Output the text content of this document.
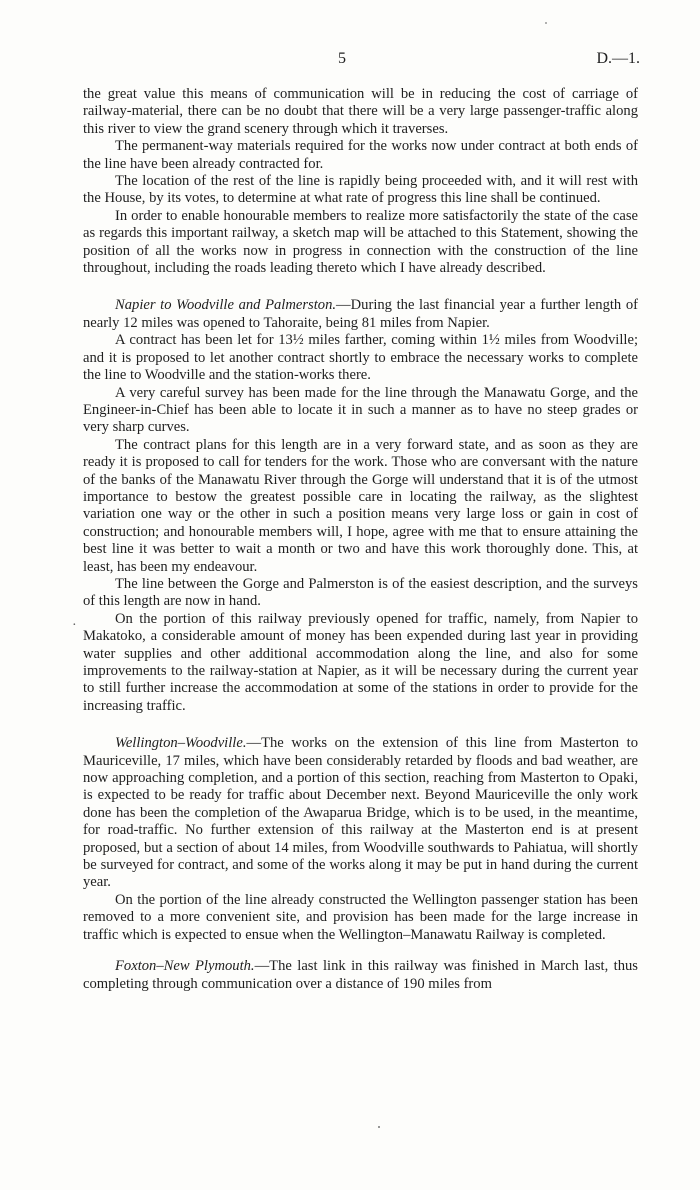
5	D.—1.
·

the great value this means of communication will be in reducing the cost of carriage of railway-material, there can be no doubt that there will be a very large passenger-traffic along this river to view the grand scenery through which it traverses.

The permanent-way materials required for the works now under contract at both ends of the line have been already contracted for.

The location of the rest of the line is rapidly being proceeded with, and it will rest with the House, by its votes, to determine at what rate of progress this line shall be continued.

In order to enable honourable members to realize more satisfactorily the state of the case as regards this important railway, a sketch map will be attached to this Statement, showing the position of all the works now in progress in connection with the construction of the line throughout, including the roads leading thereto which I have already described.

Napier to Woodville and Palmerston.—During the last financial year a further length of nearly 12 miles was opened to Tahoraite, being 81 miles from Napier.

A contract has been let for 13½ miles farther, coming within 1½ miles from Woodville; and it is proposed to let another contract shortly to embrace the necessary works to complete the line to Woodville and the station-works there.

A very careful survey has been made for the line through the Manawatu Gorge, and the Engineer-in-Chief has been able to locate it in such a manner as to have no steep grades or very sharp curves.

The contract plans for this length are in a very forward state, and as soon as they are ready it is proposed to call for tenders for the work. Those who are conversant with the nature of the banks of the Manawatu River through the Gorge will understand that it is of the utmost importance to bestow the greatest possible care in locating the railway, as the slightest variation one way or the other in such a position means very large loss or gain in cost of construction; and honourable members will, I hope, agree with me that to ensure attaining the best line it was better to wait a month or two and have this work thoroughly done. This, at least, has been my endeavour.

The line between the Gorge and Palmerston is of the easiest description, and the surveys of this length are now in hand.

On the portion of this railway previously opened for traffic, namely, from Napier to Makatoko, a considerable amount of money has been expended during last year in providing water supplies and other additional accommodation along the line, and also for some improvements to the railway-station at Napier, as it will be necessary during the current year to still further increase the accommodation at some of the stations in order to provide for the increasing traffic.

Wellington–Woodville.—The works on the extension of this line from Masterton to Mauriceville, 17 miles, which have been considerably retarded by floods and bad weather, are now approaching completion, and a portion of this section, reaching from Masterton to Opaki, is expected to be ready for traffic about December next. Beyond Mauriceville the only work done has been the completion of the Awaparua Bridge, which is to be used, in the meantime, for road-traffic. No further extension of this railway at the Masterton end is at present proposed, but a section of about 14 miles, from Woodville southwards to Pahiatua, will shortly be surveyed for contract, and some of the works along it may be put in hand during the current year.

On the portion of the line already constructed the Wellington passenger station has been removed to a more convenient site, and provision has been made for the large increase in traffic which is expected to ensue when the Wellington–Manawatu Railway is completed.

Foxton–New Plymouth.—The last link in this railway was finished in March last, thus completing through communication over a distance of 190 miles from
